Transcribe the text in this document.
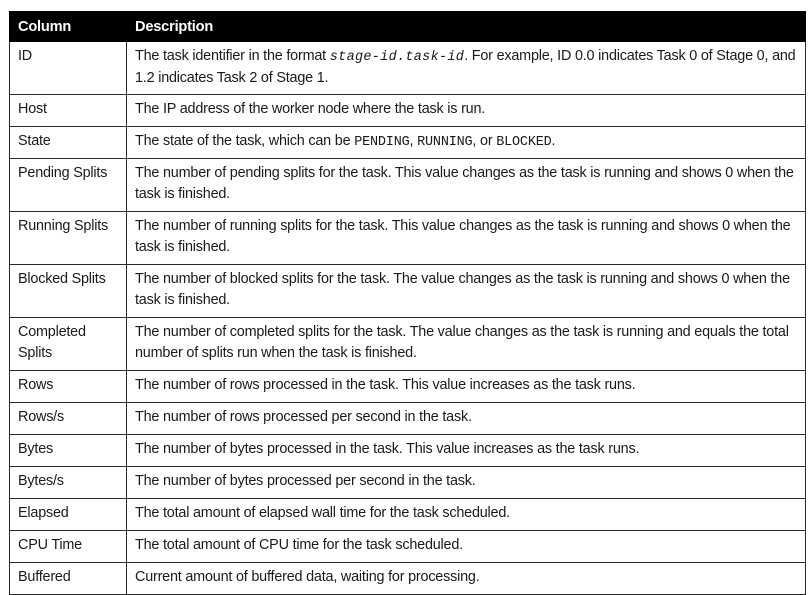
Column	Description
ID	The task identifier in the format stage-id.task-id. For example, ID 0.0 indicates Task 0 of Stage 0, and 1.2 indicates Task 2 of Stage 1.
Host	The IP address of the worker node where the task is run.
State	The state of the task, which can be PENDING, RUNNING, or BLOCKED.
Pending Splits	The number of pending splits for the task. This value changes as the task is running and shows 0 when the task is finished.
Running Splits	The number of running splits for the task. This value changes as the task is running and shows 0 when the task is finished.
Blocked Splits	The number of blocked splits for the task. The value changes as the task is running and shows 0 when the task is finished.
Completed Splits	The number of completed splits for the task. The value changes as the task is running and equals the total number of splits run when the task is finished.
Rows	The number of rows processed in the task. This value increases as the task runs.
Rows/s	The number of rows processed per second in the task.
Bytes	The number of bytes processed in the task. This value increases as the task runs.
Bytes/s	The number of bytes processed per second in the task.
Elapsed	The total amount of elapsed wall time for the task scheduled.
CPU Time	The total amount of CPU time for the task scheduled.
Buffered	Current amount of buffered data, waiting for processing.
